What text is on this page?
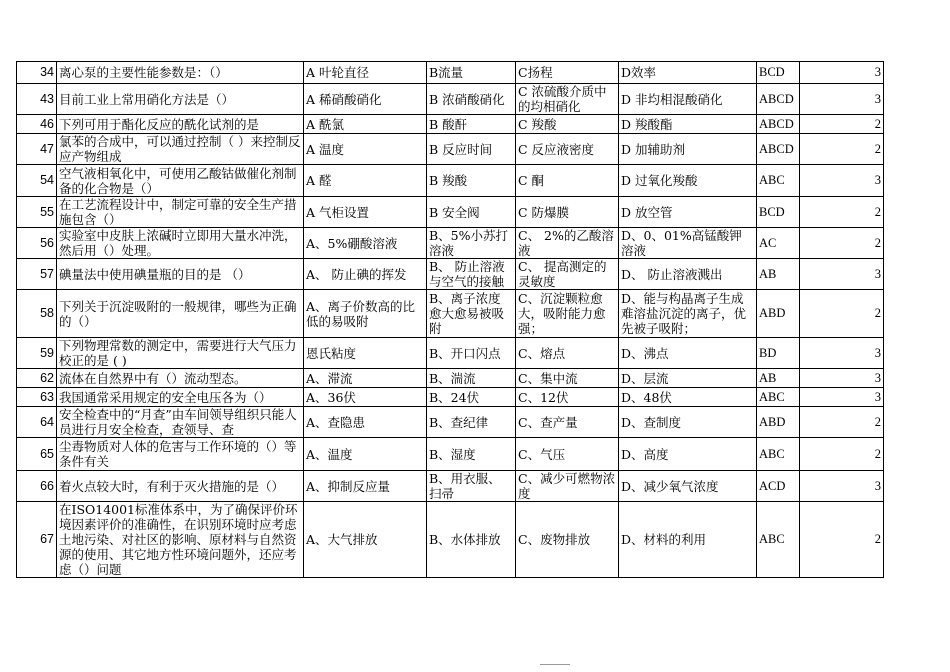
34	离心泵的主要性能参数是：（）	A 叶轮直径	B流量	C扬程	D效率	BCD	3
43	目前工业上常用硝化方法是（）	A 稀硝酸硝化	B 浓硝酸硝化	C 浓硫酸介质中的均相硝化	D 非均相混酸硝化	ABCD	3
46	下列可用于酯化反应的酰化试剂的是	A 酰氯	B 酸酐	C 羧酸	D 羧酸酯	ABCD	2
47	氯苯的合成中，可以通过控制（ ）来控制反应产物组成	A 温度	B 反应时间	C 反应液密度	D 加辅助剂	ABCD	2
54	空气液相氧化中，可使用乙酸钴做催化剂制备的化合物是（）	A 醛	B 羧酸	C 酮	D 过氧化羧酸	ABC	3
55	在工艺流程设计中，制定可靠的安全生产措施包含（）	A 气柜设置	B 安全阀	C 防爆膜	D 放空管	BCD	2
56	实验室中皮肤上浓碱时立即用大量水冲洗，然后用（）处理。	A、5%硼酸溶液	B、5%小苏打溶液	C、 2%的乙酸溶液	D、0、01%高锰酸钾溶液	AC	2
57	碘量法中使用碘量瓶的目的是 （）	A、 防止碘的挥发	B、 防止溶液与空气的接触	C、 提高测定的灵敏度	D、 防止溶液溅出	AB	3
58	下列关于沉淀吸附的一般规律，哪些为正确的（）	A、离子价数高的比低的易吸附	B、离子浓度愈大愈易被吸附	C、沉淀颗粒愈大，吸附能力愈强；	D、能与构晶离子生成难溶盐沉淀的离子，优先被子吸附；	ABD	2
59	下列物理常数的测定中，需要进行大气压力校正的是 ( )	恩氏粘度	B、开口闪点	C、熔点	D、沸点	BD	3
62	流体在自然界中有（）流动型态。	A、滞流	B、湍流	C、集中流	D、层流	AB	3
63	我国通常采用规定的安全电压各为（）	A、36伏	B、24伏	C、12伏	D、48伏	ABC	3
64	安全检查中的“月查”由车间领导组织只能人员进行月安全检查，查领导、查	A、查隐患	B、查纪律	C、查产量	D、查制度	ABD	2
65	尘毒物质对人体的危害与工作环境的（）等条件有关	A、温度	B、湿度	C、气压	D、高度	ABC	2
66	着火点较大时，有利于灭火措施的是（）	A、抑制反应量	B、用衣服、扫帚	C、减少可燃物浓度	D、减少氧气浓度	ACD	3
67	在ISO14001标准体系中，为了确保评价环境因素评价的准确性，在识别环境时应考虑土地污染、对社区的影响、原材料与自然资源的使用、其它地方性环境问题外，还应考虑（）问题	A、大气排放	B、水体排放	C、废物排放	D、材料的利用	ABC	2
